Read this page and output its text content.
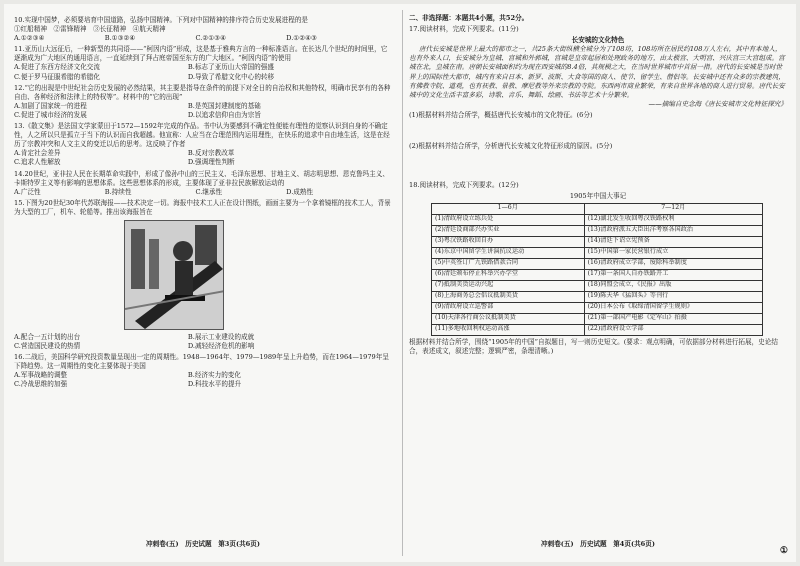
10.实现中国梦，必须要培育中国道路，弘扬中国精神。下列对中国精神的排序符合历史发展进程的是

①红船精神　②雷锋精神　③长征精神　④航天精神

A.①②③④	B.①③②④	C.②①③④	D.①②④③

11.亚历山大远征后，一种新型的共同语——“柯因内语”形成，这是基于雅典方言的一种标准语言。在长达几个世纪的时间里，它逐渐成为广大地区的通用语言，一直延续到了拜占庭帝国至东方的广大地区。“柯因内语”的使用

A.促进了东西方经济文化交流	B.标志了亚历山大帝国的强盛
C.便于罗马征服希腊的希腊化	D.导致了希腊文化中心的转移

12.“它的出现是中世纪社会历史发展的必然结果，其主要是指导在条件的前提下对全日的自治权和其他特权，明确市民享有的各种自由、各种经济和法律上的特权等”。材料中的“它的出现”

A.加剧了国家统一的进程	B.是英国封建制度的基础
C.促进了城市经济的发展	D.以追求信仰自由为宗旨

13.《散文集》是法国文学家蒙田于1572—1592年完成的作品。书中认为要感到不确定性便能有理性的觉察认识到自身的不确定性，人之所以只是孤立于当下的认识而自我超越。他宣称：人应当在合理范围内运用理性，在快乐的追求中自由地生活，这是在经历了宗教冲突和人文主义的变迁以后的思考。这反映了作者

A.肯定社会差异	B.反对宗教改革
C.追求人性解放	D.强调理性判断

14.20世纪，亚非拉人民在长期革命实践中，形成了像孙中山的三民主义、毛泽东思想、甘地主义、胡志明思想、恩克鲁玛主义、卡斯特罗主义等有影响的思想体系。这些思想体系的形成，主要体现了亚非拉民族解放运动的

A.广泛性	B.持续性	C.继承性	D.成熟性

15.下图为20世纪30年代苏联海报——技术决定一切。海报中技术工人正在设计图纸，画面主要为一个拿着镜框的技术工人，背景为大型的工厂，机车、轮船等。推出该海报旨在

A.配合一五计划的出台	B.展示工业建设的成就
C.营造国民建设的热情	D.减轻经济危机的影响

16.二战后，美国科学研究投资数量呈现出一定的周期性。1948—1964年、1979—1989年呈上升趋势，而在1964—1979年呈下降趋势。这一周期性的变化主要体现于美国

A.军事战略的调整	B.经济实力的变化
C.冷战思维的加强	D.科技水平的提升
冲刺卷(五)　历史试题　第3页(共6页)

二、非选择题：本题共4小题，共52分。

17.阅读材料，完成下列要求。(11分)

长安城的文化特色

唐代长安城是世界上最大的都市之一，共25条大街纵横全城分为了108坊，108坊所在居民约108万人左右，其中有本地人，也有外来人口，长安城分为皇城、宫城和外郭城，宫城是皇帝起居和处理政务的地方，由太极宫、大明宫、兴庆宫三大宫组成。宫城在北，皇城在南。唐朝长安城面积约为现在西安城的8.4倍，其规模之大，在当时世界城市中首屈一指。唐代的长安城是当时世界上的国际性大都市，城内有来自日本、新罗、波斯、大食等国的商人、使节、留学生、僧侣等。长安城中还有众多的宗教建筑，有佛教寺院、道观，也有祆教、景教、摩尼教等外来宗教的寺院。东西两市商业繁荣，有来自世界各地的商人进行贸易。唐代长安城中的文化生活丰富多彩，诗歌、音乐、舞蹈、绘画、书法等艺术十分繁荣。

——摘编自史念海《唐长安城市文化特征探究》

(1)根据材料并结合所学，概括唐代长安城市的文化特征。(6分)

(2)根据材料并结合所学，分析唐代长安城文化特征形成的原因。(5分)

18.阅读材料，完成下列要求。(12分)

1905年中国大事记

1—6月	7—12月
(1)清政府设立练兵处	(12)湖北发生收回粤汉铁路权利
(2)清廷设商部兴办实业	(13)清政府派五大臣出洋考察各国政治
(3)粤汉铁路收回自办	(14)清廷下诏立宪预备
(4)东京中国留学生讲演抗议运动	(15)中国第一家民营银行成立
(5)中英签订广九铁路借款合同	(16)清政府成立学部，废除科举制度
(6)清廷颁布停止科举兴办学堂	(17)第一条国人自办铁路开工
(7)抵制美货运动兴起	(18)同盟会成立，《民报》出版
(8)上海商务总会倡议抵制美货	(19)陈天华《猛回头》等刊行
(9)清政府设立巡警部	(20)日本公布《取缔清国留学生规则》
(10)天津各行商公议抵制美货	(21)第一部国产电影《定军山》拍摄
(11)多地收回利权运动高涨	(22)清政府设立学部

根据材料并结合所学，围绕“1905年的中国”自拟题目，写一则历史短文。(要求：观点明确，可依据部分材料进行拓展，史论结合，表述成文，叙述完整；逻辑严密，条理清晰。)

冲刺卷(五)　历史试题　第4页(共6页)
①
